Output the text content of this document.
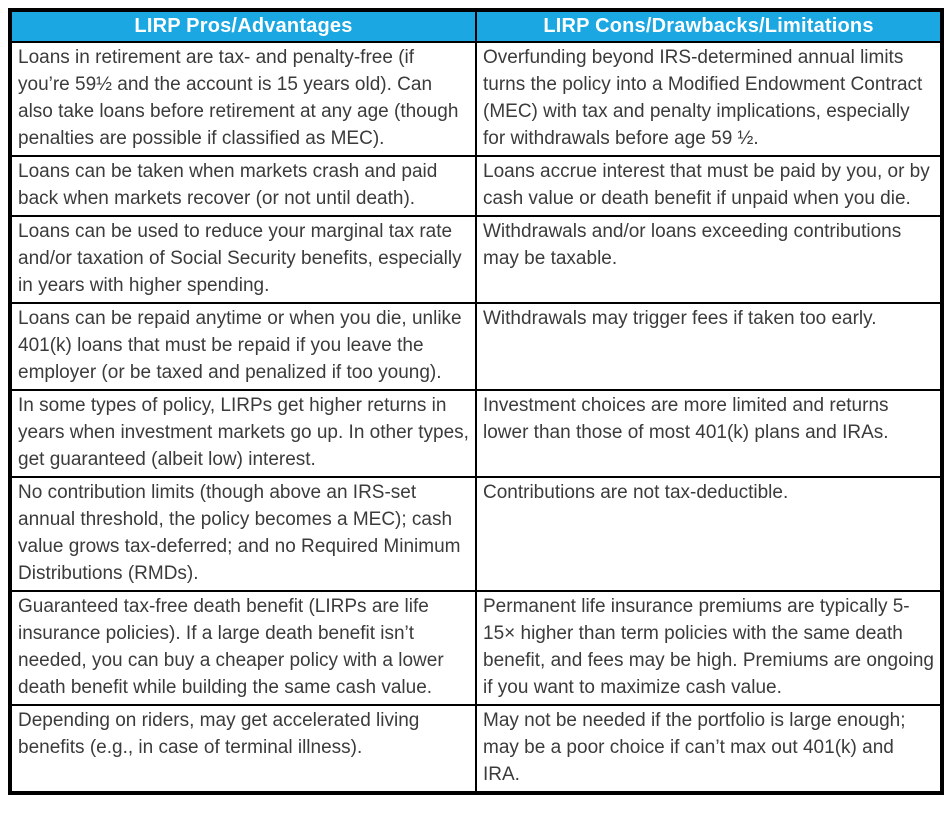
LIRP Pros/Advantages	LIRP Cons/Drawbacks/Limitations
Loans in retirement are tax- and penalty-free (if you’re 59½ and the account is 15 years old). Can also take loans before retirement at any age (though penalties are possible if classified as MEC).	Overfunding beyond IRS-determined annual limits turns the policy into a Modified Endowment Contract (MEC) with tax and penalty implications, especially for withdrawals before age 59 ½.
Loans can be taken when markets crash and paid back when markets recover (or not until death).	Loans accrue interest that must be paid by you, or by cash value or death benefit if unpaid when you die.
Loans can be used to reduce your marginal tax rate and/or taxation of Social Security benefits, especially in years with higher spending.	Withdrawals and/or loans exceeding contributions may be taxable.
Loans can be repaid anytime or when you die, unlike 401(k) loans that must be repaid if you leave the employer (or be taxed and penalized if too young).	Withdrawals may trigger fees if taken too early.
In some types of policy, LIRPs get higher returns in years when investment markets go up. In other types, get guaranteed (albeit low) interest.	Investment choices are more limited and returns lower than those of most 401(k) plans and IRAs.
No contribution limits (though above an IRS-set annual threshold, the policy becomes a MEC); cash value grows tax-deferred; and no Required Minimum Distributions (RMDs).	Contributions are not tax-deductible.
Guaranteed tax-free death benefit (LIRPs are life insurance policies). If a large death benefit isn’t needed, you can buy a cheaper policy with a lower death benefit while building the same cash value.	Permanent life insurance premiums are typically 5-15× higher than term policies with the same death benefit, and fees may be high. Premiums are ongoing if you want to maximize cash value.
Depending on riders, may get accelerated living benefits (e.g., in case of terminal illness).	May not be needed if the portfolio is large enough; may be a poor choice if can’t max out 401(k) and IRA.
